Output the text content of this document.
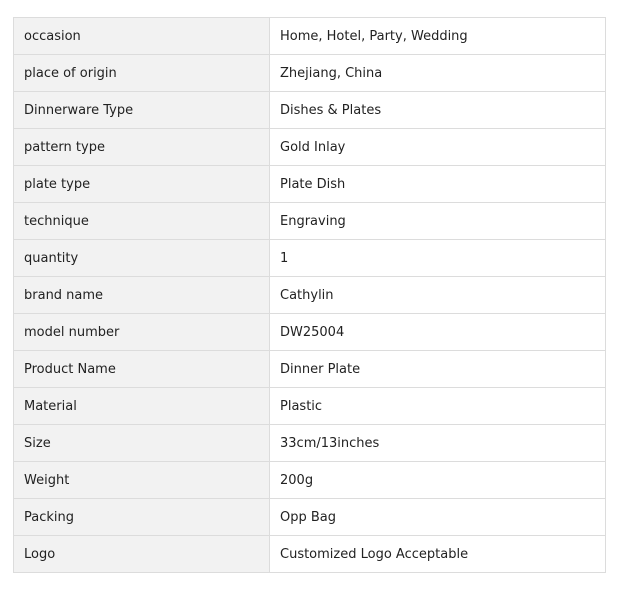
occasion	Home, Hotel, Party, Wedding
place of origin	Zhejiang, China
Dinnerware Type	Dishes & Plates
pattern type	Gold Inlay
plate type	Plate Dish
technique	Engraving
quantity	1
brand name	Cathylin
model number	DW25004
Product Name	Dinner Plate
Material	Plastic
Size	33cm/13inches
Weight	200g
Packing	Opp Bag
Logo	Customized Logo Acceptable
